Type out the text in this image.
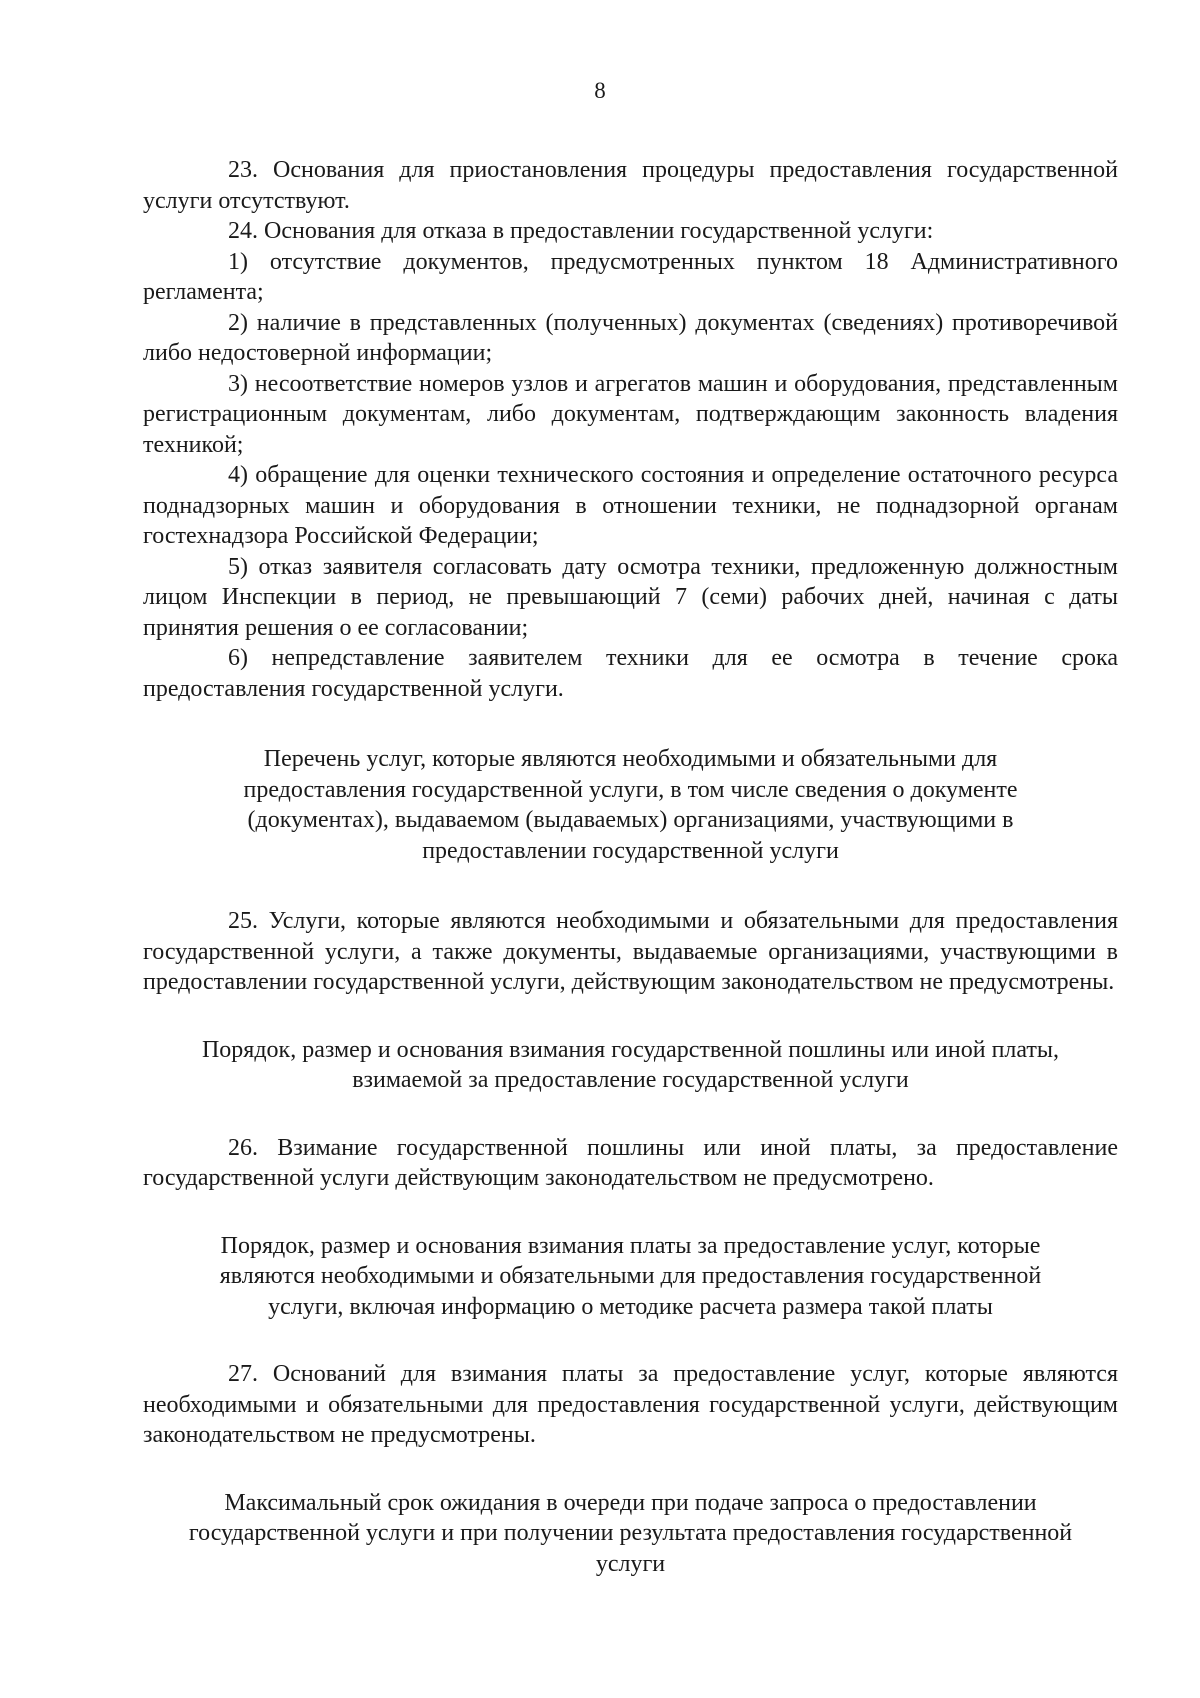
8

23. Основания для приостановления процедуры предоставления государственной услуги отсутствуют.

24. Основания для отказа в предоставлении государственной услуги:

1) отсутствие документов, предусмотренных пунктом 18 Административного регламента;

2) наличие в представленных (полученных) документах (сведениях) противоречивой либо недостоверной информации;

3) несоответствие номеров узлов и агрегатов машин и оборудования, представленным регистрационным документам, либо документам, подтверждающим законность владения техникой;

4) обращение для оценки технического состояния и определение остаточного ресурса поднадзорных машин и оборудования в отношении техники, не поднадзорной органам гостехнадзора Российской Федерации;

5) отказ заявителя согласовать дату осмотра техники, предложенную должностным лицом Инспекции в период, не превышающий 7 (семи) рабочих дней, начиная с даты принятия решения о ее согласовании;

6) непредставление заявителем техники для ее осмотра в течение срока предоставления государственной услуги.

Перечень услуг, которые являются необходимыми и обязательными для
предоставления государственной услуги, в том числе сведения о документе
(документах), выдаваемом (выдаваемых) организациями, участвующими в
предоставлении государственной услуги

25. Услуги, которые являются необходимыми и обязательными для предоставления государственной услуги, а также документы, выдаваемые организациями, участвующими в предоставлении государственной услуги, действующим законодательством не предусмотрены.

Порядок, размер и основания взимания государственной пошлины или иной платы,
взимаемой за предоставление государственной услуги

26. Взимание государственной пошлины или иной платы, за предоставление государственной услуги действующим законодательством не предусмотрено.

Порядок, размер и основания взимания платы за предоставление услуг, которые
являются необходимыми и обязательными для предоставления государственной
услуги, включая информацию о методике расчета размера такой платы

27. Оснований для взимания платы за предоставление услуг, которые являются необходимыми и обязательными для предоставления государственной услуги, действующим законодательством не предусмотрены.

Максимальный срок ожидания в очереди при подаче запроса о предоставлении
государственной услуги и при получении результата предоставления государственной
услуги
